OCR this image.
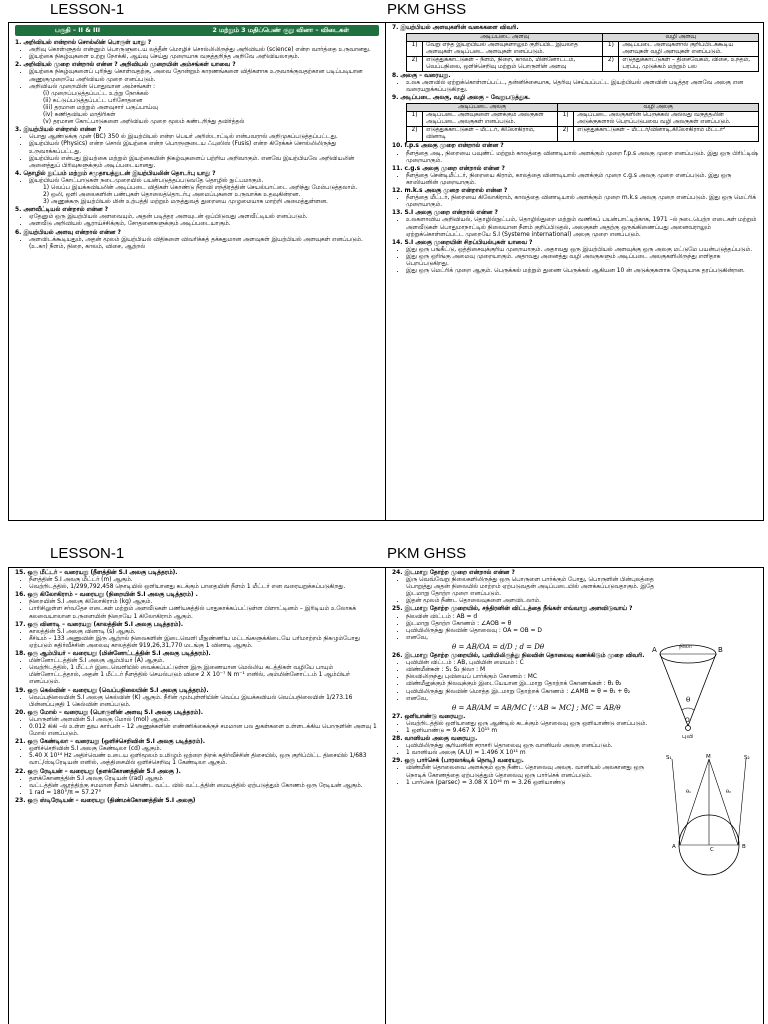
LESSON-1	PKM GHSS
பகுதி – II & III	2 மற்றும் 3 மதிப்பெண் குறு வினா – விடைகள்
1. அறிவியல் என்றால் சொல்லின் பொருள் யாது ?
• அறிவு கொள்ளுதல் என்னும் பொருளுடைய லத்தீன் மொழிச் சொல்லிலிருந்து அறிவியல் (science) என்ற வார்த்தை உருவானது.
• இயற்கை நிகழ்வுகளை உற்று நோக்கி, ஆய்வு செய்து முறையாக வகுத்தறிந்த அறிவே அறிவியலாகும்.
2. அறிவியல் முறை என்றால் என்ன ? அறிவியல் முறையின் அம்சங்கள் யாவை ?
• இயற்கை நிகழ்வுகளைப் புரிந்து கொள்வதற்கு, அவை தோன்றும் காரணங்களை விதிகளாக உருவாக்குவதற்கான படிப்படியான அணுகுமுறையே அறிவியல் முறை எனப்படும்.
• அறிவியல் முறையின் பொதுவான அம்சங்கள் :
(i) முறைப்படுத்தப்பட்ட உற்று நோக்கல்
(ii) கட்டுப்படுத்தப்பட்ட பரிசோதனை
(iii) தரமான மற்றும் அளவுசார் பகுப்பாய்வு
(iv) கணிதவியல் மாதிரிகள்
(v) தரமான கோட்பாடுகளை அறிவியல் முறை மூலம் கண்டறிந்து தவிர்த்தல்
3. இயற்பியல் என்றால் என்ன ?
• பொது ஆண்டுக்கு முன் (BC) 350 ல் இயற்பியல் என்ற பெயர் அரிஸ்டாட்டில் என்பவரால் அறிமுகப்படுத்தப்பட்டது.
• இயற்பியல் (Physics) என்ற சொல் இயற்கை என்ற பொருளுடைய ஃபுஸிஸ் (Fusis) என்ற கிரேக்கச் சொல்லிலிருந்து உருவாக்கப்பட்டது.
• இயற்பியல் என்பது இயற்கை மற்றும் இயற்கையின் நிகழ்வுகளைப் பற்றிய அறிவாகும். எனவே இயற்பியலே அறிவியலின் அனைத்துப் பிரிவுகளுக்கும் அடிப்படையானது.
4. தொழில் நுட்பம் மற்றும் சமுதாயத்துடன் இயற்பியலின் தொடர்பு யாது ?
• இயற்பியல் கோட்பாடுகள் நடைமுறையில் பயன்படுத்தப்படுவதே தொழில் நுட்பமாகும்.
1) வெப்ப இயக்கவியலின் அடிப்படை விதிகள் கொண்டு நீராவி எந்திரத்தின் செயல்பாட்டை அறிந்து மேம்படுத்தலாம்.
2) ஒலி, ஒளி அலைகளின் பண்புகள் தொலைத்தொடர்பு அமைப்புகளை உருவாக்க உதவுகின்றன.
3) அணுக்கரு இயற்பியல் மின் உற்பத்தி மற்றும் மருத்துவத் துறையை முழுமையாக மாற்றி அமைத்துள்ளன.
5. அளவீட்டியல் என்றால் என்ன ?
• ஏதேனும் ஒரு இயற்பியல் அளவையும், அதன் படித்தர அளவுடன் ஒப்பிடுவது அளவீட்டியல் எனப்படும்.
• அளவீடு அறிவியல் ஆராய்ச்சிக்கும், சோதனைகளுக்கும் அடிப்படையாகும்.
6. இயற்பியல் அளவு என்றால் என்ன ?
• அளவிடக்கூடியதும், அதன் மூலம் இயற்பியல் விதிகளை விவரிக்கத் தக்கதுமான அளவுகள் இயற்பியல் அளவுகள் எனப்படும். (உ.கா) நீளம், நிறை, காலம், விசை, ஆற்றல்
7. இயற்பியல் அளவுகளின் வகைகளை விவரி.
அடிப்படை அளவு		வழி அளவு	
1)	வேறு எந்த இயற்பியல் அளவுகளாலும் குறிப்பிட இயலாத அளவுகள் அடிப்படை அளவுகள் எனப்படும்.	1)	அடிப்படை அளவுகளால் குறிப்பிடக்கூடிய அளவுகள் வழி அளவுகள் எனப்படும்.
2)	எடுத்துக்காட்டுகள் – நீளம், நிறை, காலம், மின்னோட்டம், வெப்பநிலை, ஒளிச்செறிவு மற்றும் பொருளின் அளவு	2)	எடுத்துக்காட்டுகள் – திசைவேகம், விசை, உந்தம், பரப்பு, முடுக்கம் மற்றும் பல
8. அலகு – வரையறு.
• உலக அளவில் ஏற்றுக்கொள்ளப்பட்ட, தன்னிச்சையாக, தெரிவு செய்யப்பட்ட இயற்பியல் அளவின் படித்தர அளவே அலகு என வரையறுக்கப்படுகிறது.
9. அடிப்படை அலகு, வழி அலகு – வேறுபடுத்துக.
அடிப்படை அலகு		வழி அலகு	
1)	அடிப்படை அளவுகளை அளக்கும் அலகுகள் அடிப்படை அலகுகள் எனப்படும்.	1)	அடிப்படை அலகுகளின் பெருக்கல் அல்லது வகுத்தலின் அடுக்குகளால் பெறப்படுபவை வழி அலகுகள் எனப்படும்.
2)	எடுத்துக்காட்டுகள் – மீட்டர், கிலோகிராம், வினாடி	2)	எடுத்துக்காட்டுகள் – மீட்டர்/வினாடி,கிலோகிராம் மீட்டர்²
10. f.p.s அலகு முறை என்றால் என்ன ?
• நீளத்தை அடி, நிறையை பவுண்ட் மற்றும் காலத்தை வினாடியால் அளக்கும் முறை f.p.s அலகு முறை எனப்படும். இது ஒரு பிரிட்டிஷ் முறையாகும்.
11. c.g.s அலகு முறை என்றால் என்ன ?
• நீளத்தை சென்டிமீட்டர், நிறையை கிராம், காலத்தை வினாடியால் அளக்கும் முறை c.g.s அலகு முறை எனப்படும். இது ஒரு காஸியனின் முறையாகும்.
12. m.k.s அலகு முறை என்றால் என்ன ?
• நீளத்தை மீட்டர், நிறையை கிலோகிராம், காலத்தை வினாடியால் அளக்கும் முறை m.k.s அலகு முறை எனப்படும். இது ஒரு மெட்ரிக் முறையாகும்.
13. S.I அலகு முறை என்றால் என்ன ?
• உலகளாவிய அறிவியல், தொழில்நுட்பம், தொழில்துறை மற்றும் வணிகப் பயன்பாட்டிற்காக, 1971 –ல் நடைபெற்ற எடைகள் மற்றும் அளவீடுகள் பொதுமாநாட்டில் நிலையான நீளம் குறிப்பிடுதல், அலகுகள் அதற்கு ஒருங்கிணைப்பது அனைவராலும் ஏற்றுக்கொள்ளப்பட்ட முறையே S.I (Systeme international) அலகு முறை எனப்படும்.
14. S.I அலகு முறையின் சிறப்பியல்புகள் யாவை ?
• இது ஒரு பங்கீட்டு, ஒத்திசைவுக்குரிய முறையாகும். அதாவது ஒரு இயற்பியல் அளவுக்கு ஒரு அலகு மட்டுமே பயன்படுத்தப்படும்.
• இது ஒரு ஒரிங்கு அமைவு முறையாகும். அதாவது அனைத்து வழி அலகுகளும் அடிப்படை அலகுகளிலிருந்து எளிதாக பெறப்படுகிறது.
• இது ஒரு மெட்ரிக் முறை ஆகும். பெருக்கல் மற்றும் துணை பெருக்கல் ஆகியன 10 ன் அடுக்குகளாக நேரடியாக தரப்படுகின்றன.
LESSON-1	PKM GHSS
15. ஒரு மீட்டர் – வரையறு (நீளத்தின் S.I அலகு படித்தரம்).
• நீளத்தின் S.I அலகு மீட்டர் (m) ஆகும்.
• வெற்றிடத்தில், 1/299,792,458 நொடியில் ஒளியானது கடக்கும் பாதையின் நீளம் 1 மீட்டர் என வரையறுக்கப்படுகிறது.
16. ஒரு கிலோகிராம் – வரையறு (நிறையின் S.I அலகு படித்தரம்) .
• நிறையின் S.I அலகு கிலோகிராம் (kg) ஆகும்.
• பாரிசிலுள்ள சர்வதேச எடைகள் மற்றும் அளவீடுகள் பணியகத்தில் பாதுகாக்கப்பட்டுள்ள பிளாட்டினம் – இரிடியம் உலோகக் கலவையாலான உருளையின் நிறையே 1 கிலோகிராம் ஆகும்.
17. ஒரு வினாடி – வரையறு (காலத்தின் S.I அலகு படித்தரம்).
• காலத்தின் S.I அலகு வினாடி (s) ஆகும்.
• சீசியம் – 133 அணுவின் இரு ஆற்றல் நிலைகளின் இடைவெளி மீநுண்ணிய மட்டங்களுக்கிடையே பரிமாற்றம் நிகழும்போது ஏற்படும் கதிர்வீச்சின் அலைவு காலத்தின் 919,26,31,770 மடங்கு 1 வினாடி ஆகும்.
18. ஒரு ஆம்பியர் – வரையறு (மின்னோட்டத்தின் S.I அலகு படித்தரம்).
• மின்னோட்டத்தின் S.I அலகு ஆம்பியர் (A) ஆகும்.
• வெற்றிடத்தில், 1 மீட்டர் இடைவெளியில் வைக்கப்பட்டுள்ள இரு இணையான மெல்லிய கடத்திகள் வழியே பாயும் மின்னோட்டத்தால், அதன் 1 மீட்டர் நீளத்தில் செயல்படும் விசை 2 X 10⁻⁷ N m⁻¹ எனில், அம்மின்னோட்டம் 1 ஆம்பியர் எனப்படும்.
19. ஒரு கெல்வின் – வரையறு (வெப்பநிலையின் S.I அலகு படித்தரம்).
• வெப்பநிலையின் S.I அலகு கெல்வின் (K) ஆகும். நீரின் மும்புள்ளியின் வெப்ப இயக்கவியல் வெப்பநிலையின் 1/273.16 பின்னப்பகுதி 1 கெல்வின் எனப்படும்.
20. ஒரு மோல் – வரையறு (பொருளின் அளவு S.I அலகு படித்தரம்).
• பொருளின் அளவின் S.I அலகு மோல் (mol) ஆகும்.
• 0.012 கிகி –ல் உள்ள தூய கார்பன் – 12 அணுக்களின் எண்ணிக்கைக்குச் சமமான பல துகள்களை உள்ளடக்கிய பொருளின் அளவு 1 மோல் எனப்படும்.
21. ஒரு கேண்டிலா – வரையறு (ஒளிச்செறிவின் S.I அலகு படித்தரம்).
• ஒளிச்செறிவின் S.I அலகு கேண்டிலா (cd) ஆகும்.
• 5.40 X 10¹⁴ Hz அதிர்வெண் உடைய ஒளிமூலம் உமிழும் ஒற்றை நிறக் கதிர்வீச்சின் திசையில், ஒரு குறிப்பிட்ட திசையில் 1/683 வாட்/ஸ்டிரேடியன் எனில், அத்திசையில் ஒளிச்செறிவு 1 கேண்டிலா ஆகும்.
22. ஒரு ரேடியன் – வரையறு (தளக்கோணத்தின் S.I அலகு ).
• தளக்கோணத்தின் S.I அலகு ரேடியன் (rad) ஆகும்
• வட்டத்தின் ஆரத்திற்கு சமமான நீளம் கொண்ட வட்ட வில் வட்டத்தின் மையத்தில் ஏற்படுத்தும் கோணம் ஒரு ரேடியன் ஆகும்.
• 1 rad = 180°/π = 57.27°
23. ஒரு ஸ்டிரேடியன் – வரையறு (திண்மக்கோணத்தின் S.I அலகு)
24. இடமாறு தோற்ற முறை என்றால் என்ன ?
• இரு வெவ்வேறு நிலைகளிலிருந்து ஒரு பொருளை பார்க்கும் போது, பொருளின் பின்புலத்தை பொறுத்து அதன் நிலையில் மாற்றம் ஏற்படுவதன் அடிப்படையில் அளக்கப்படுவதாகும். இதே இடமாறு தோற்ற முறை எனப்படும்.
• இதன் மூலம் நீண்ட தொலைவுகளை அளவிடலாம்.
25. இடமாறு தோற்ற முறையில், சந்திரனின் விட்டத்தை நீங்கள் எவ்வாறு அளவிடுவாய் ?
• நிலவின் விட்டம் : AB = d
• இடமாறு தோற்ற கோணம் : ∠AOB = θ
• புவியிலிருந்து நிலவின் தொலைவு : OA = OB = D
• எனவே,
θ = AB/OA = d/D ; d = Dθ
26. இடமாறு தோற்ற முறையில், புவியிலிருந்து நிலவின் தொலைவு கணக்கிடும் முறை விவரி.
• புவியின் விட்டம் : AB, புவியின் மையம் : C
• விண்மீன்கள் : S₁ S₂ நிலா : M
• நிலவிலிருந்து புவியைப் பார்க்கும் கோணம் : MC
• விண்மீனுக்கும் நிலவுக்கும் இடையேயான இடமாறு தோற்றக் கோணங்கள் : θ₁ θ₂
• புவியிலிருந்து நிலவின் மொத்த இடமாறு தோற்றக் கோணம் : ∠AMB = θ = θ₁ + θ₂
• எனவே,
θ = AB/AM = AB/MC [∵ AB ≈ MC] ; MC = AB/θ
27. ஒளியாண்டு வரையறு.
• வெற்றிடத்தில் ஒளியானது ஒரு ஆண்டில் கடக்கும் தொலைவு ஒரு ஒளியாண்டு எனப்படும்.
• 1 ஒளியாண்டு = 9.467 X 10¹⁵ m
28. வானியல் அலகு வரையறு.
• புவியிலிருந்து சூரியனின் சராசரி தொலைவு ஒரு வானியல் அலகு எனப்படும்.
• 1 வானியல் அலகு (A.U) = 1.496 X 10¹¹ m
29. ஒரு பார்செக் (பாரலாக்டிக் நொடி) வரையறு.
• விண்மீன் தொலைவை அளக்கும் ஒரு நீண்ட தொலைவு அலகு. வானியல் அலகானது ஒரு நொடிக் கோணத்தை ஏற்படுத்தும் தொலைவு ஒரு பார்செக் எனப்படும்.
• 1 பார்செக் (parsec) = 3.08 X 10¹⁶ m = 3.26 ஒளியாண்டு
A	B
நிலா
θ
O
புவி
S₁	M	S₂
θ₁	θ₂
A	C	B
